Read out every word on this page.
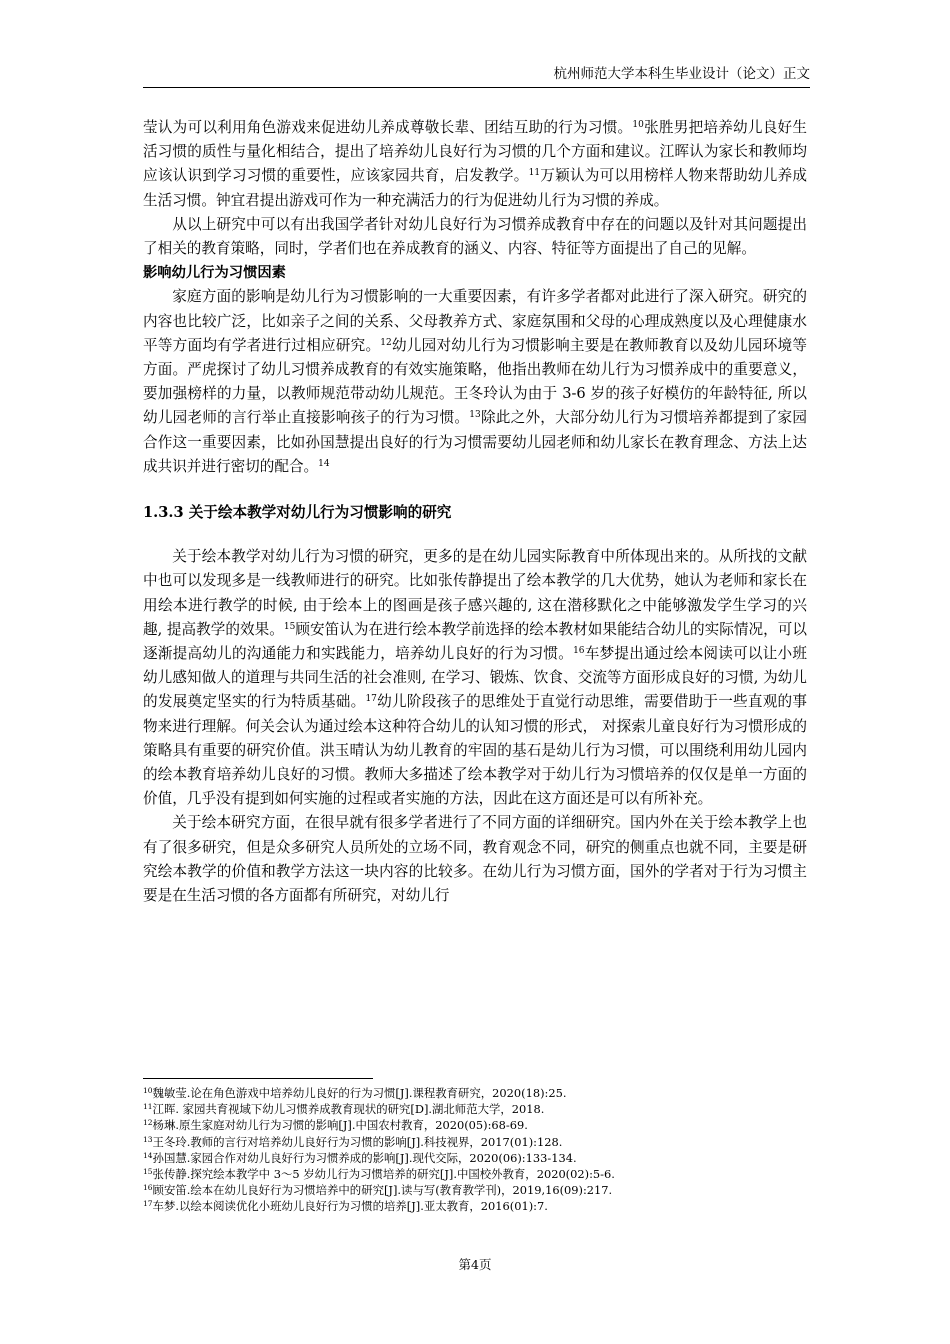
杭州师范大学本科生毕业设计（论文）正文

莹认为可以利用角色游戏来促进幼儿养成尊敬长辈、团结互助的行为习惯。$^{10}$张胜男把培养幼儿良好生活习惯的质性与量化相结合，提出了培养幼儿良好行为习惯的几个方面和建议。江晖认为家长和教师均应该认识到学习习惯的重要性，应该家园共育，启发教学。$^{11}$万颖认为可以用榜样人物来帮助幼儿养成生活习惯。钟宜君提出游戏可作为一种充满活力的行为促进幼儿行为习惯的养成。

从以上研究中可以有出我国学者针对幼儿良好行为习惯养成教育中存在的问题以及针对其问题提出了相关的教育策略，同时，学者们也在养成教育的涵义、内容、特征等方面提出了自己的见解。

影响幼儿行为习惯因素

家庭方面的影响是幼儿行为习惯影响的一大重要因素，有许多学者都对此进行了深入研究。研究的内容也比较广泛，比如亲子之间的关系、父母教养方式、家庭氛围和父母的心理成熟度以及心理健康水平等方面均有学者进行过相应研究。$^{12}$幼儿园对幼儿行为习惯影响主要是在教师教育以及幼儿园环境等方面。严虎探讨了幼儿习惯养成教育的有效实施策略，他指出教师在幼儿行为习惯养成中的重要意义，要加强榜样的力量，以教师规范带动幼儿规范。王冬玲认为由于 3-6 岁的孩子好模仿的年龄特征, 所以幼儿园老师的言行举止直接影响孩子的行为习惯。$^{13}$除此之外，大部分幼儿行为习惯培养都提到了家园合作这一重要因素，比如孙国慧提出良好的行为习惯需要幼儿园老师和幼儿家长在教育理念、方法上达成共识并进行密切的配合。$^{14}$

1.3.3 关于绘本教学对幼儿行为习惯影响的研究

关于绘本教学对幼儿行为习惯的研究，更多的是在幼儿园实际教育中所体现出来的。从所找的文献中也可以发现多是一线教师进行的研究。比如张传静提出了绘本教学的几大优势，她认为老师和家长在用绘本进行教学的时候, 由于绘本上的图画是孩子感兴趣的, 这在潜移默化之中能够激发学生学习的兴趣, 提高教学的效果。$^{15}$顾安笛认为在进行绘本教学前选择的绘本教材如果能结合幼儿的实际情况，可以逐渐提高幼儿的沟通能力和实践能力，培养幼儿良好的行为习惯。$^{16}$车梦提出通过绘本阅读可以让小班幼儿感知做人的道理与共同生活的社会准则, 在学习、锻炼、饮食、交流等方面形成良好的习惯, 为幼儿的发展奠定坚实的行为特质基础。$^{17}$幼儿阶段孩子的思维处于直觉行动思维，需要借助于一些直观的事物来进行理解。何关会认为通过绘本这种符合幼儿的认知习惯的形式， 对探索儿童良好行为习惯形成的策略具有重要的研究价值。洪玉晴认为幼儿教育的牢固的基石是幼儿行为习惯，可以围绕利用幼儿园内的绘本教育培养幼儿良好的习惯。教师大多描述了绘本教学对于幼儿行为习惯培养的仅仅是单一方面的价值，几乎没有提到如何实施的过程或者实施的方法，因此在这方面还是可以有所补充。

关于绘本研究方面，在很早就有很多学者进行了不同方面的详细研究。国内外在关于绘本教学上也有了很多研究，但是众多研究人员所处的立场不同，教育观念不同，研究的侧重点也就不同，主要是研究绘本教学的价值和教学方法这一块内容的比较多。在幼儿行为习惯方面，国外的学者对于行为习惯主要是在生活习惯的各方面都有所研究，对幼儿行

$^{10}$魏敏莹.论在角色游戏中培养幼儿良好的行为习惯[J].课程教育研究，2020(18):25.
$^{11}$江晖. 家园共育视域下幼儿习惯养成教育现状的研究[D].湖北师范大学，2018.
$^{12}$杨琳.原生家庭对幼儿行为习惯的影响[J].中国农村教育，2020(05):68-69.
$^{13}$王冬玲.教师的言行对培养幼儿良好行为习惯的影响[J].科技视界，2017(01):128.
$^{14}$孙国慧.家园合作对幼儿良好行为习惯养成的影响[J].现代交际，2020(06):133-134.
$^{15}$张传静.探究绘本教学中 3～5 岁幼儿行为习惯培养的研究[J].中国校外教育，2020(02):5-6.
$^{16}$顾安笛.绘本在幼儿良好行为习惯培养中的研究[J].读与写(教育教学刊)，2019,16(09):217.
$^{17}$车梦.以绘本阅读优化小班幼儿良好行为习惯的培养[J].亚太教育，2016(01):7.
第4页
